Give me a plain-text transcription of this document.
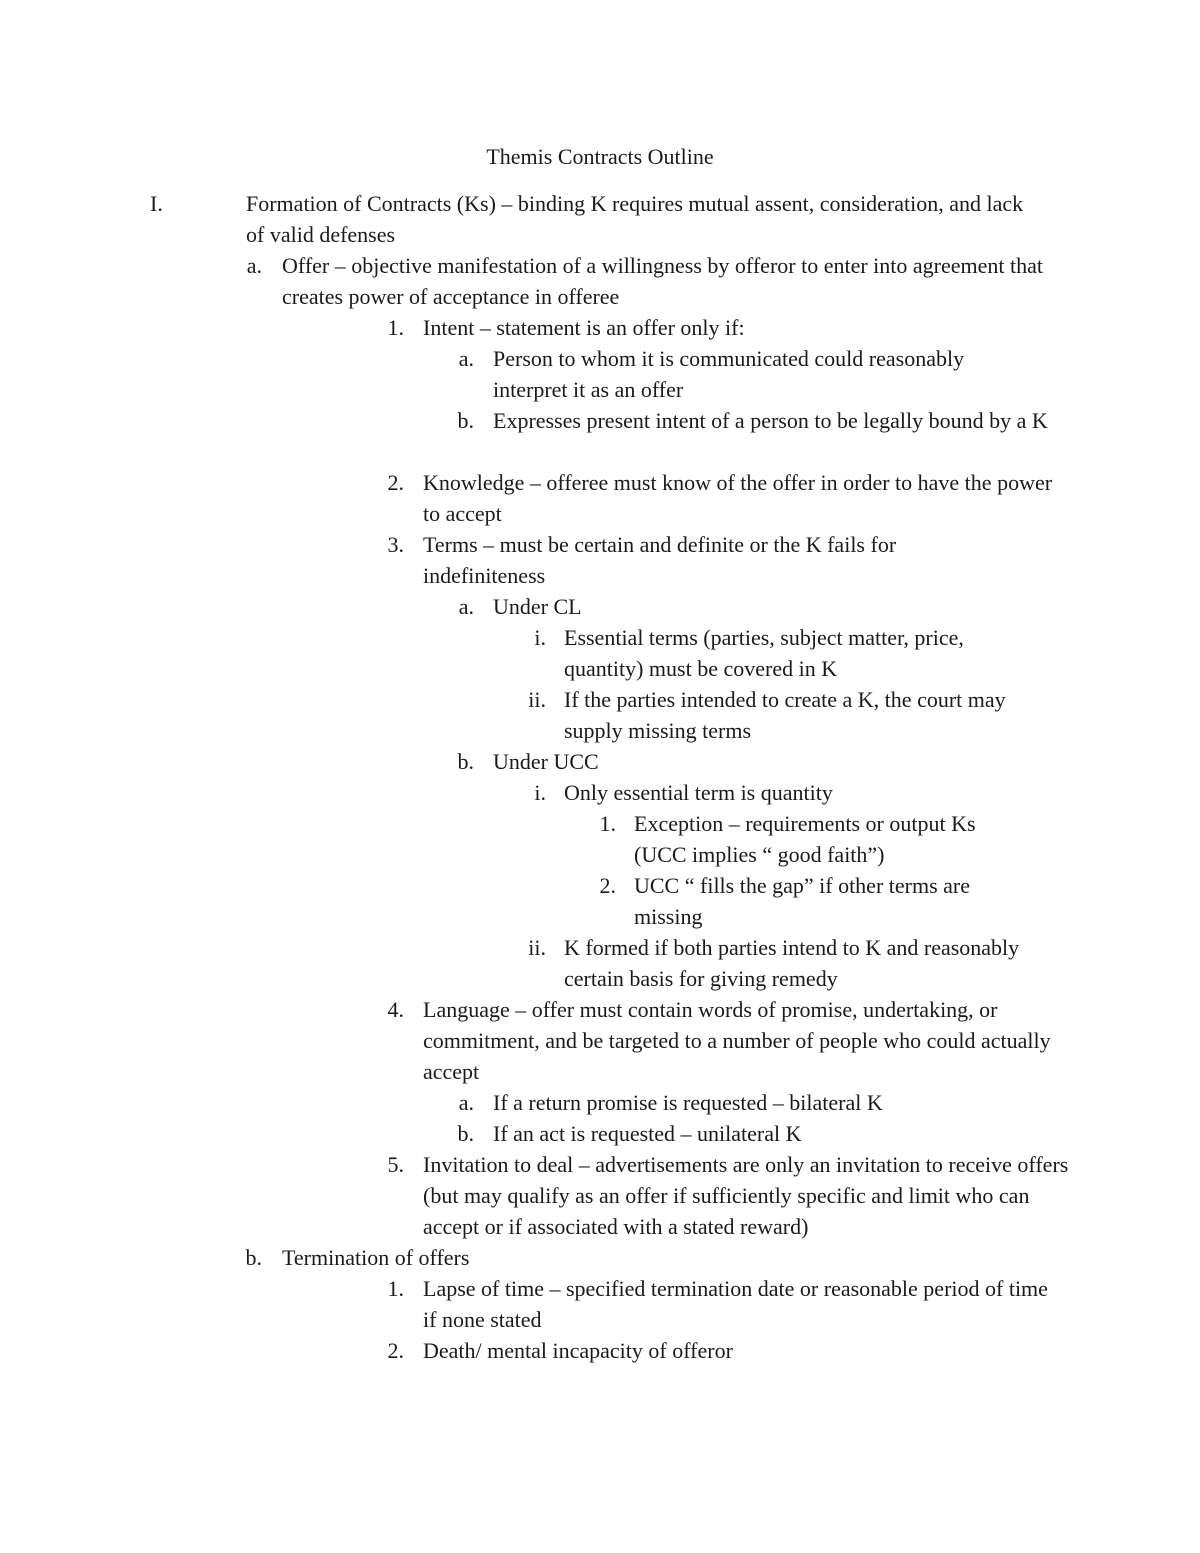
Themis Contracts Outline
I.	Formation of Contracts (Ks) – binding K requires mutual assent, consideration, and lack of valid defenses
a. Offer – objective manifestation of a willingness by offeror to enter into agreement that creates power of acceptance in offeree
1. Intent – statement is an offer only if:
a. Person to whom it is communicated could reasonably interpret it as an offer
b. Expresses present intent of a person to be legally bound by a K
2. Knowledge – offeree must know of the offer in order to have the power to accept
3. Terms – must be certain and definite or the K fails for indefiniteness
a. Under CL
i. Essential terms (parties, subject matter, price, quantity) must be covered in K
ii. If the parties intended to create a K, the court may supply missing terms
b. Under UCC
i. Only essential term is quantity
1. Exception – requirements or output Ks (UCC implies “ good faith”)
2. UCC “ fills the gap” if other terms are missing
ii. K formed if both parties intend to K and reasonably certain basis for giving remedy
4. Language – offer must contain words of promise, undertaking, or commitment, and be targeted to a number of people who could actually accept
a. If a return promise is requested – bilateral K
b. If an act is requested – unilateral K
5. Invitation to deal – advertisements are only an invitation to receive offers (but may qualify as an offer if sufficiently specific and limit who can accept or if associated with a stated reward)
b. Termination of offers
1. Lapse of time – specified termination date or reasonable period of time if none stated
2. Death/ mental incapacity of offeror
